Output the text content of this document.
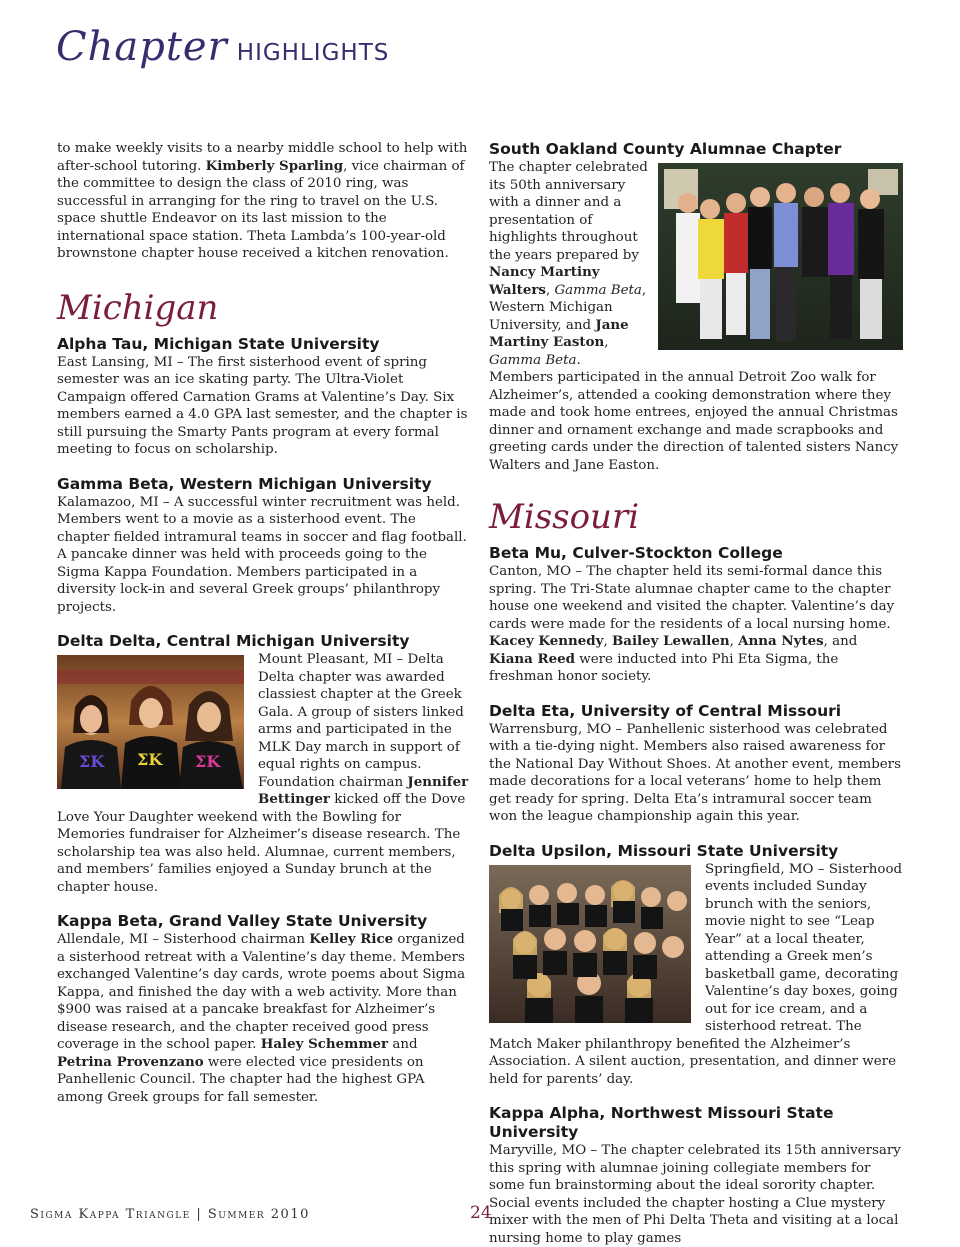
Chapter HIGHLIGHTS

to make weekly visits to a nearby middle school to help with after-school tutoring. Kimberly Sparling, vice chairman of the committee to design the class of 2010 ring, was successful in arranging for the ring to travel on the U.S. space shuttle Endeavor on its last mission to the international space station. Theta Lambda’s 100-year-old brownstone chapter house received a kitchen renovation.

Michigan
Alpha Tau, Michigan State University

East Lansing, MI – The first sisterhood event of spring semester was an ice skating party. The Ultra-Violet Campaign offered Carnation Grams at Valentine’s Day. Six members earned a 4.0 GPA last semester, and the chapter is still pursuing the Smarty Pants program at every formal meeting to focus on scholarship.

Gamma Beta, Western Michigan University

Kalamazoo, MI – A successful winter recruitment was held. Members went to a movie as a sisterhood event. The chapter fielded intramural teams in soccer and flag football. A pancake dinner was held with proceeds going to the Sigma Kappa Foundation. Members participated in a diversity lock-in and several Greek groups’ philanthropy projects.

Delta Delta, Central Michigan University
ΣΚ ΣΚ ΣΚ

Mount Pleasant, MI – Delta Delta chapter was awarded classiest chapter at the Greek Gala. A group of sisters linked arms and participated in the MLK Day march in support of equal rights on campus. Foundation chairman Jennifer Bettinger kicked off the Dove Love Your Daughter weekend with the Bowling for Memories fundraiser for Alzheimer’s disease research. The scholarship tea was also held. Alumnae, current members, and members’ families enjoyed a Sunday brunch at the chapter house.

Kappa Beta, Grand Valley State University

Allendale, MI – Sisterhood chairman Kelley Rice organized a sisterhood retreat with a Valentine’s day theme. Members exchanged Valentine’s day cards, wrote poems about Sigma Kappa, and finished the day with a web activity. More than $900 was raised at a pancake breakfast for Alzheimer’s disease research, and the chapter received good press coverage in the school paper. Haley Schemmer and Petrina Provenzano were elected vice presidents on Panhellenic Council. The chapter had the highest GPA among Greek groups for fall semester.

South Oakland County Alumnae Chapter

The chapter celebrated its 50th anniversary with a dinner and a presentation of highlights throughout the years prepared by Nancy Martiny Walters, Gamma Beta, Western Michigan University, and Jane Martiny Easton, Gamma Beta. Members participated in the annual Detroit Zoo walk for Alzheimer’s, attended a cooking demonstration where they made and took home entrees, enjoyed the annual Christmas dinner and ornament exchange and made scrapbooks and greeting cards under the direction of talented sisters Nancy Walters and Jane Easton.

Missouri
Beta Mu, Culver-Stockton College

Canton, MO – The chapter held its semi-formal dance this spring. The Tri-State alumnae chapter came to the chapter house one weekend and visited the chapter. Valentine’s day cards were made for the residents of a local nursing home. Kacey Kennedy, Bailey Lewallen, Anna Nytes, and Kiana Reed were inducted into Phi Eta Sigma, the freshman honor society.

Delta Eta, University of Central Missouri

Warrensburg, MO – Panhellenic sisterhood was celebrated with a tie-dying night. Members also raised awareness for the National Day Without Shoes. At another event, members made decorations for a local veterans’ home to help them get ready for spring. Delta Eta’s intramural soccer team won the league championship again this year.

Delta Upsilon, Missouri State University

Springfield, MO – Sisterhood events included Sunday brunch with the seniors, movie night to see “Leap Year” at a local theater, attending a Greek men’s basketball game, decorating Valentine’s day boxes, going out for ice cream, and a sisterhood retreat. The Match Maker philanthropy benefited the Alzheimer’s Association. A silent auction, presentation, and dinner were held for parents’ day.

Kappa Alpha, Northwest Missouri State University

Maryville, MO – The chapter celebrated its 15th anniversary this spring with alumnae joining collegiate members for some fun brainstorming about the ideal sorority chapter. Social events included the chapter hosting a Clue mystery mixer with the men of Phi Delta Theta and visiting at a local nursing home to play games

Sigma Kappa Triangle | Summer 2010	24
